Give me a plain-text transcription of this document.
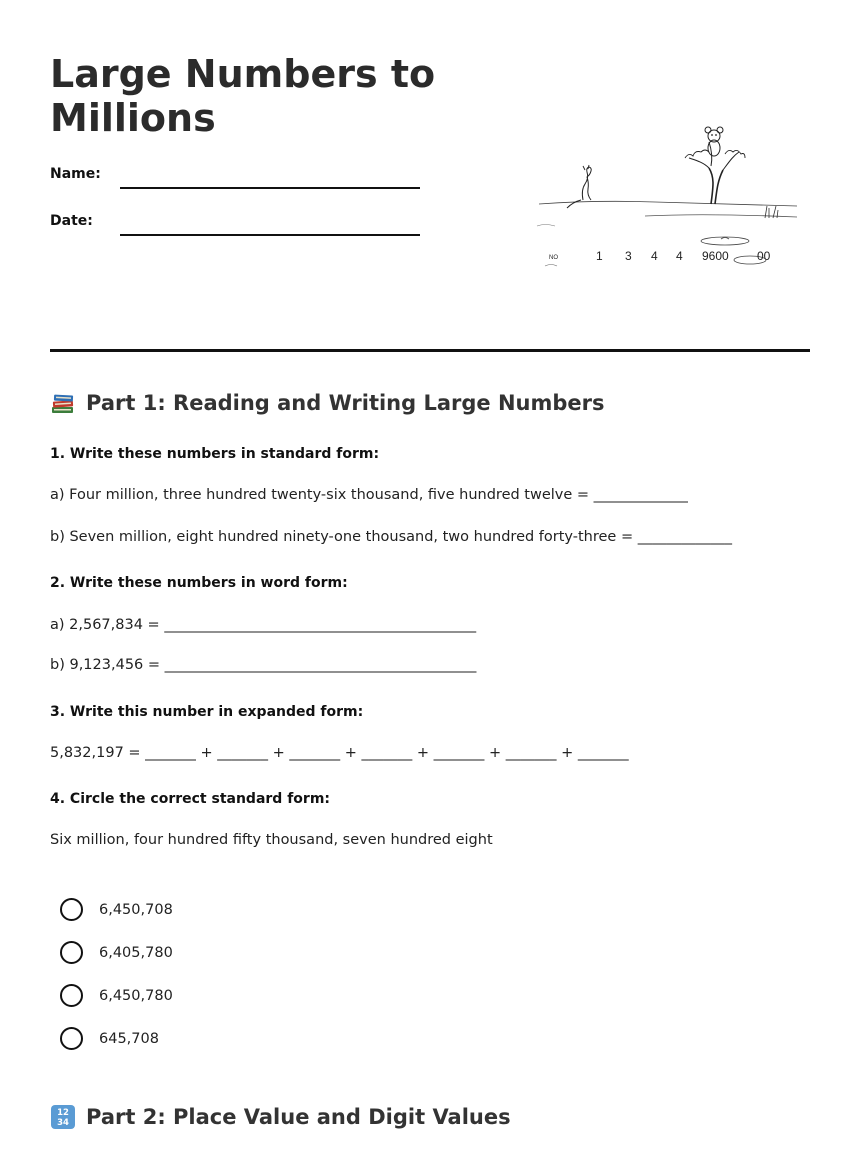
Large Numbers to Millions
Name:
Date:
NO	1 3 4 4 9600 00
Part 1: Reading and Writing Large Numbers
1. Write these numbers in standard form:
a) Four million, three hundred twenty-six thousand, five hundred twelve = _____________
b) Seven million, eight hundred ninety-one thousand, two hundred forty-three = _____________
2. Write these numbers in word form:
a) 2,567,834 = ___________________________________________
b) 9,123,456 = ___________________________________________
3. Write this number in expanded form:
5,832,197 = _______ + _______ + _______ + _______ + _______ + _______ + _______
4. Circle the correct standard form:
Six million, four hundred fifty thousand, seven hundred eight
6,450,708
6,405,780
6,450,780
645,708
12
34 Part 2: Place Value and Digit Values
